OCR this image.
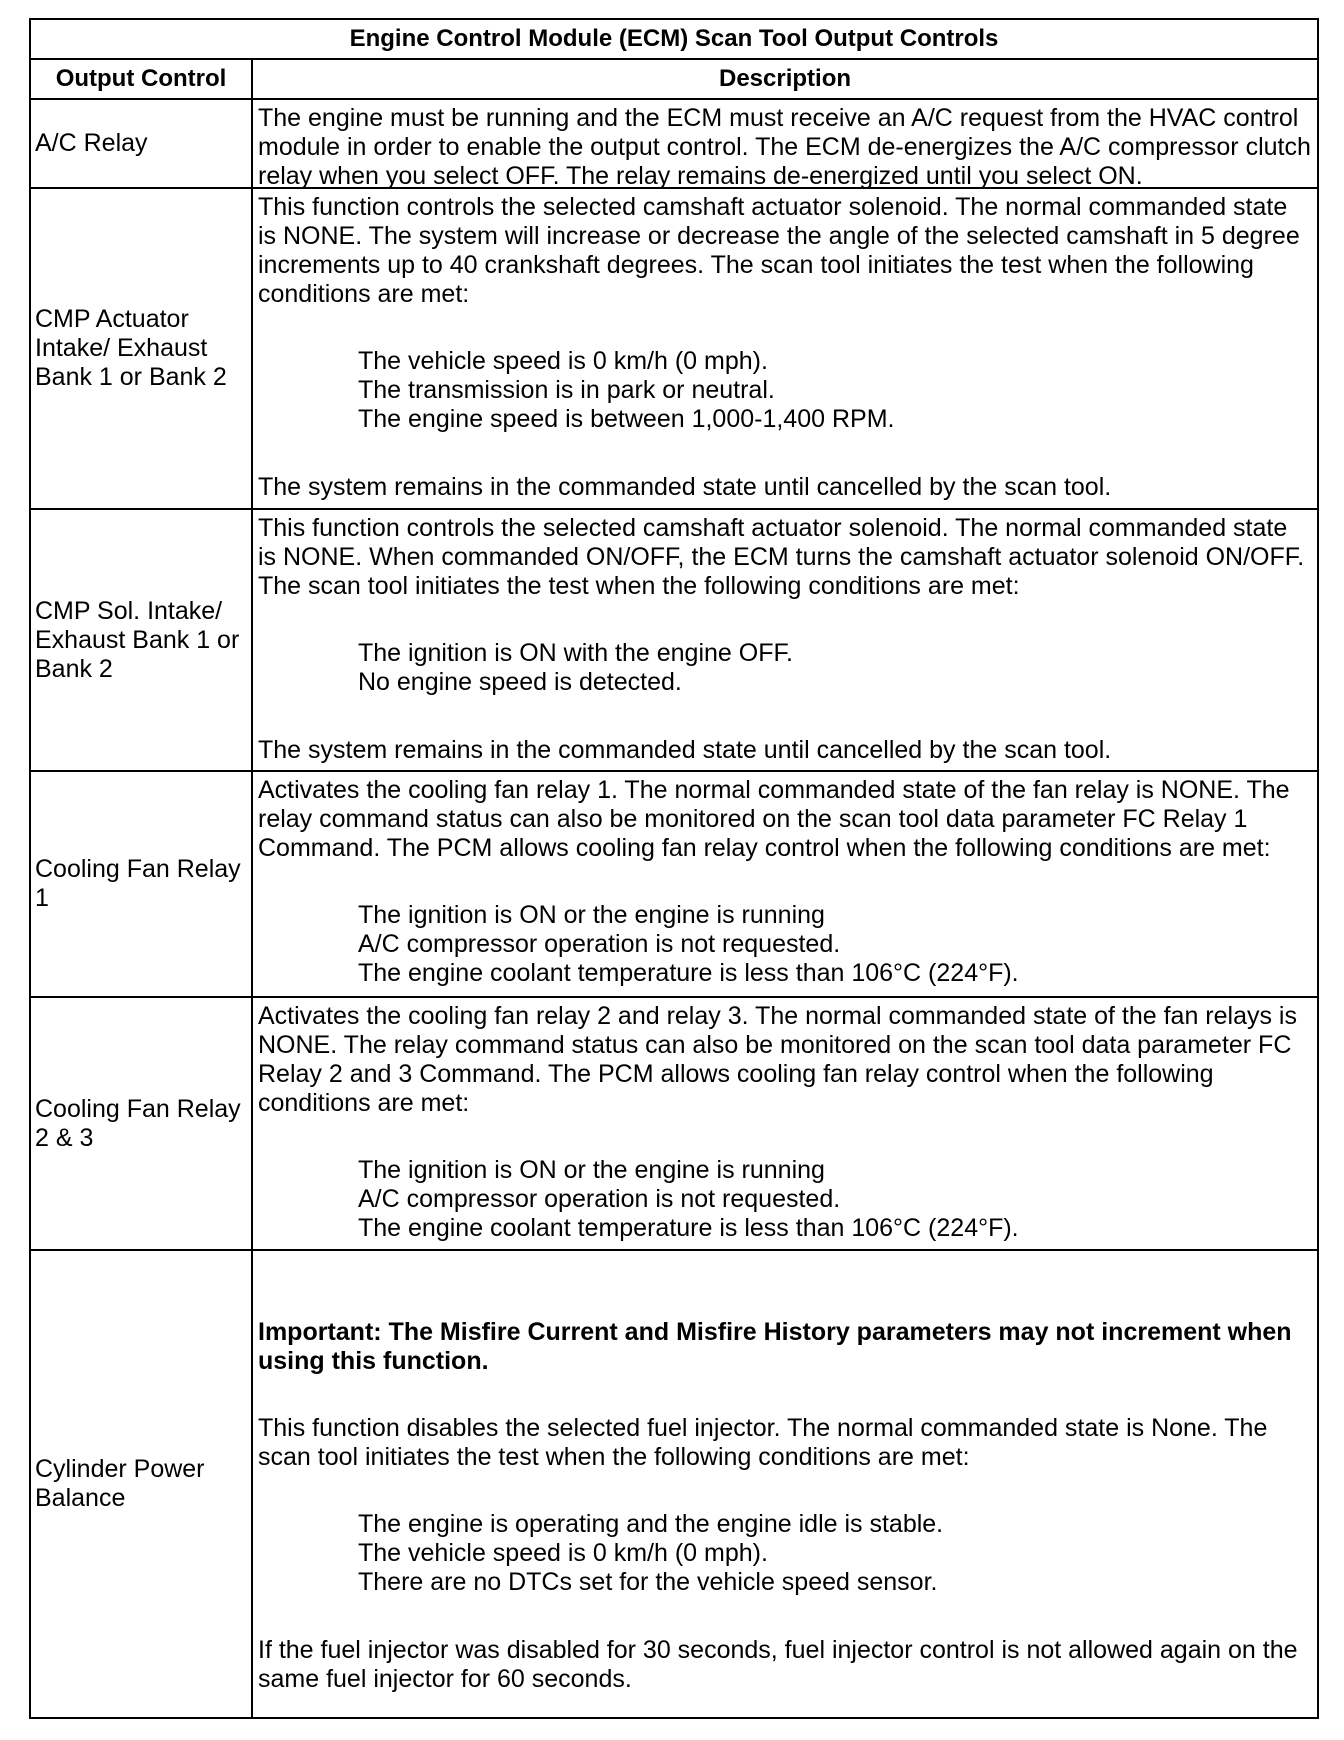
Engine Control Module (ECM) Scan Tool Output Controls
Output Control	Description
A/C Relay

The engine must be running and the ECM must receive an A/C request from the HVAC control module in order to enable the output control. The ECM de-energizes the A/C compressor clutch relay when you select OFF. The relay remains de-energized until you select ON.

CMP Actuator Intake/ Exhaust Bank 1 or Bank 2

This function controls the selected camshaft actuator solenoid. The normal commanded state is NONE. The system will increase or decrease the angle of the selected camshaft in 5 degree increments up to 40 crankshaft degrees. The scan tool initiates the test when the following conditions are met:

The vehicle speed is 0 km/h (0 mph).
The transmission is in park or neutral.
The engine speed is between 1,000-1,400 RPM.

The system remains in the commanded state until cancelled by the scan tool.

CMP Sol. Intake/ Exhaust Bank 1 or Bank 2

This function controls the selected camshaft actuator solenoid. The normal commanded state is NONE. When commanded ON/OFF, the ECM turns the camshaft actuator solenoid ON/OFF. The scan tool initiates the test when the following conditions are met:

The ignition is ON with the engine OFF.
No engine speed is detected.

The system remains in the commanded state until cancelled by the scan tool.

Cooling Fan Relay 1

Activates the cooling fan relay 1. The normal commanded state of the fan relay is NONE. The relay command status can also be monitored on the scan tool data parameter FC Relay 1 Command. The PCM allows cooling fan relay control when the following conditions are met:

The ignition is ON or the engine is running
A/C compressor operation is not requested.
The engine coolant temperature is less than 106°C (224°F).
Cooling Fan Relay 2 & 3

Activates the cooling fan relay 2 and relay 3. The normal commanded state of the fan relays is NONE. The relay command status can also be monitored on the scan tool data parameter FC Relay 2 and 3 Command. The PCM allows cooling fan relay control when the following conditions are met:

The ignition is ON or the engine is running
A/C compressor operation is not requested.
The engine coolant temperature is less than 106°C (224°F).
Cylinder Power Balance

Important: The Misfire Current and Misfire History parameters may not increment when using this function.

This function disables the selected fuel injector. The normal commanded state is None. The scan tool initiates the test when the following conditions are met:

The engine is operating and the engine idle is stable.
The vehicle speed is 0 km/h (0 mph).
There are no DTCs set for the vehicle speed sensor.

If the fuel injector was disabled for 30 seconds, fuel injector control is not allowed again on the same fuel injector for 60 seconds.
